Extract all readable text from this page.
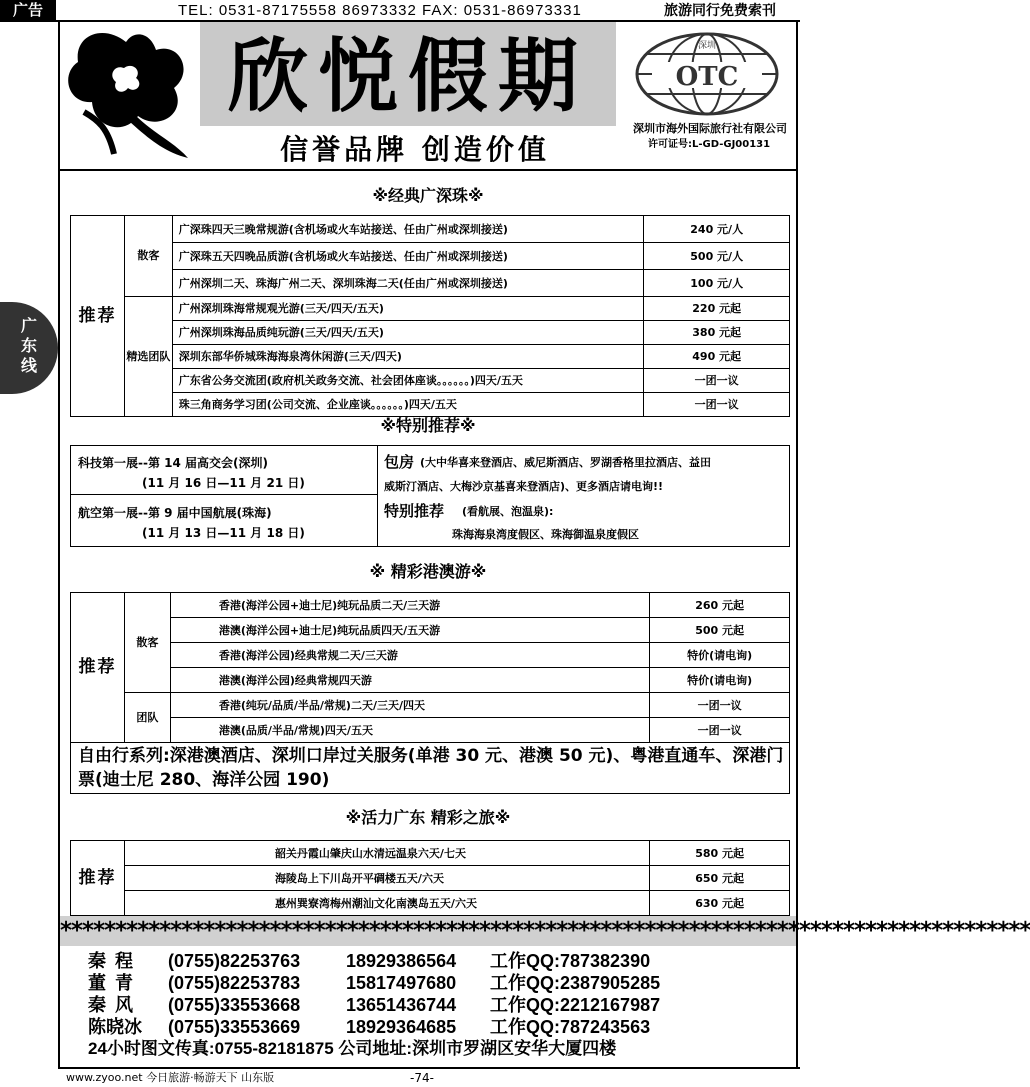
广告	TEL: 0531-87175558 86973332 FAX: 0531-86973331	旅游同行免费索刊
欣悦假期
信誉品牌 创造价值
OTC
深圳
深圳市海外国际旅行社有限公司
许可证号:L-GD-GJ00131
广
东
线
※经典广深珠※
推荐	散客	广深珠四天三晚常规游(含机场或火车站接送、任由广州或深圳接送)	240 元/人
		广深珠五天四晚品质游(含机场或火车站接送、任由广州或深圳接送)	500 元/人
		广州深圳二天、珠海广州二天、深圳珠海二天(任由广州或深圳接送)	100 元/人
	精选团队	广州深圳珠海常规观光游(三天/四天/五天)	220 元起
		广州深圳珠海品质纯玩游(三天/四天/五天)	380 元起
		深圳东部华侨城珠海海泉湾休闲游(三天/四天)	490 元起
		广东省公务交流团(政府机关政务交流、社会团体座谈。。。。。。)四天/五天	一团一议
		珠三角商务学习团(公司交流、企业座谈。。。。。。)四天/五天	一团一议
※特别推荐※
科技第一展--第 14 届高交会(深圳)
(11 月 16 日—11 月 21 日)
航空第一展--第 9 届中国航展(珠海)
(11 月 13 日—11 月 18 日)
包房 (大中华喜来登酒店、威尼斯酒店、罗湖香格里拉酒店、益田
威斯汀酒店、大梅沙京基喜来登酒店)、更多酒店请电询!!
特别推荐 (看航展、泡温泉):
珠海海泉湾度假区、珠海御温泉度假区
※ 精彩港澳游※
推荐	散客	香港(海洋公园+迪士尼)纯玩品质二天/三天游	260 元起
		港澳(海洋公园+迪士尼)纯玩品质四天/五天游	500 元起
		香港(海洋公园)经典常规二天/三天游	特价(请电询)
		港澳(海洋公园)经典常规四天游	特价(请电询)
	团队	香港(纯玩/品质/半品/常规)二天/三天/四天	一团一议
		港澳(品质/半品/常规)四天/五天	一团一议
自由行系列:深港澳酒店、深圳口岸过关服务(单港 30 元、港澳 50 元)、粤港直通车、深港门票(迪士尼 280、海洋公园 190)
※活力广东 精彩之旅※
推荐	韶关丹霞山肇庆山水清远温泉六天/七天	580 元起
	海陵岛上下川岛开平碉楼五天/六天	650 元起
	惠州巽寮湾梅州潮汕文化南澳岛五天/六天	630 元起
****************************************************************************************
秦 程 (0755)82253763	18929386564 工作QQ:787382390
董 青 (0755)82253783	15817497680 工作QQ:2387905285
秦 风 (0755)33553668	13651436744 工作QQ:2212167987
陈晓冰 (0755)33553669	18929364685 工作QQ:787243563
24小时图文传真:0755-82181875 公司地址:深圳市罗湖区安华大厦四楼
www.zyoo.net 今日旅游·畅游天下 山东版	-74-
